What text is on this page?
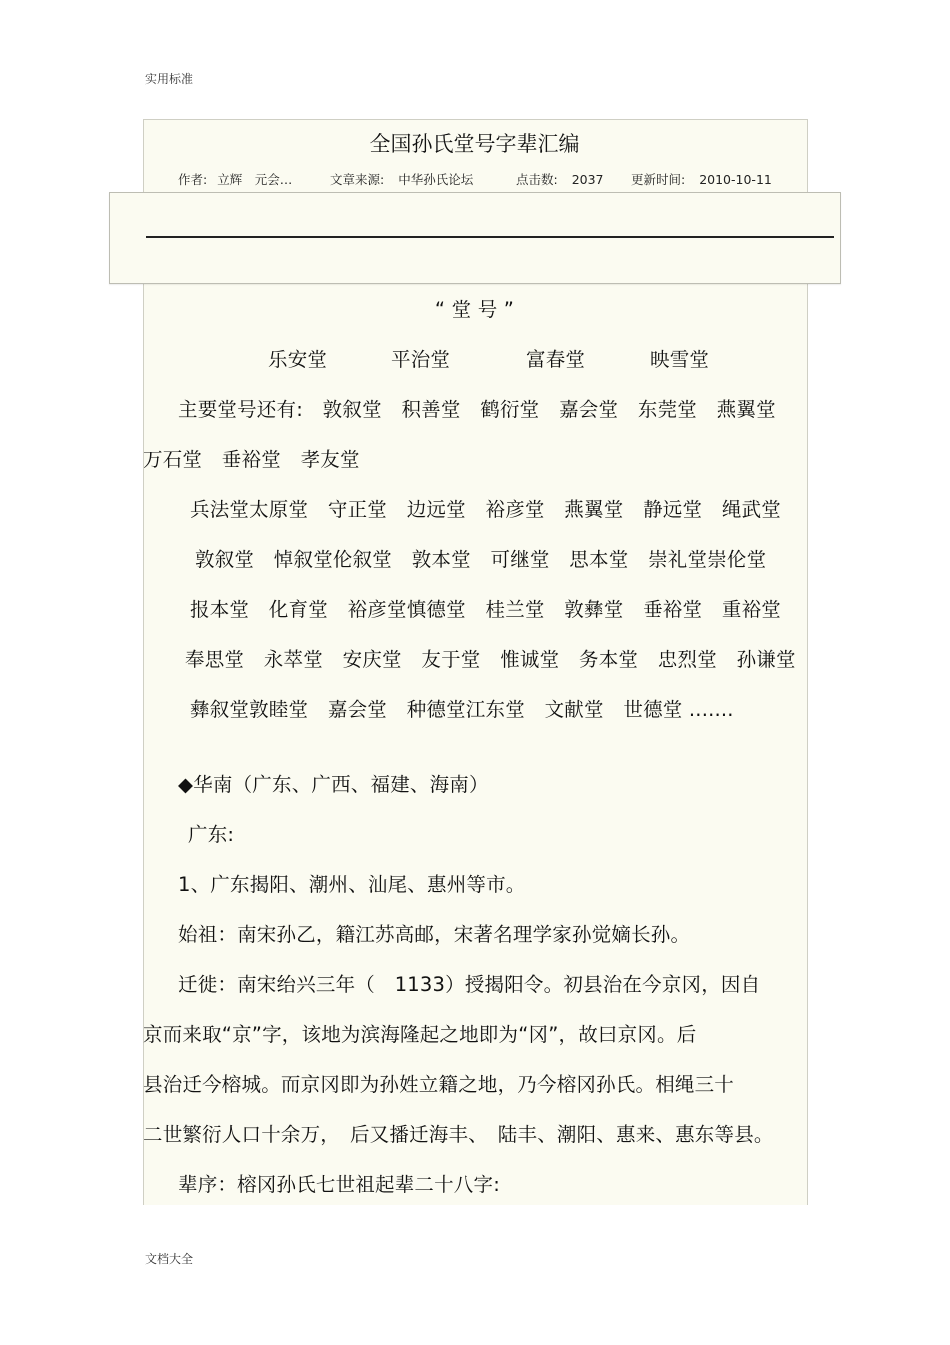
实用标准
全国孙氏堂号字辈汇编
作者: 立辉　元会…	文章来源: 中华孙氏论坛	点击数: 2037 更新时间: 2010-10-11
“ 堂 号 ”
乐安堂	平治堂	富春堂	映雪堂
主要堂号还有:　敦叙堂　积善堂　鹤衍堂　嘉会堂　东莞堂　燕翼堂
万石堂　垂裕堂　孝友堂
兵法堂太原堂　守正堂　边远堂　裕彦堂　燕翼堂　静远堂　绳武堂
敦叙堂　悼叙堂伦叙堂　敦本堂　可继堂　思本堂　崇礼堂崇伦堂
报本堂　化育堂　裕彦堂慎德堂　桂兰堂　敦彝堂　垂裕堂　重裕堂
奉思堂　永萃堂　安庆堂　友于堂　惟诚堂　务本堂　忠烈堂　孙谦堂
彝叙堂敦睦堂　嘉会堂　种德堂江东堂　文献堂　世德堂 .......
◆华南（广东、广西、福建、海南）
广东:
1、广东揭阳、潮州、汕尾、惠州等市。
始祖：南宋孙乙，籍江苏高邮，宋著名理学家孙觉嫡长孙。
迁徙：南宋绐兴三年（　1133）授揭阳令。初县治在今京冈，因自
京而来取“京”字，该地为滨海隆起之地即为“冈”，故曰京冈。后
县治迁今榕城。而京冈即为孙姓立籍之地，乃今榕冈孙氏。相绳三十
二世繁衍人口十余万，　后又播迁海丰、　陆丰、潮阳、惠来、惠东等县。
辈序：榕冈孙氏七世祖起辈二十八字:
文档大全
